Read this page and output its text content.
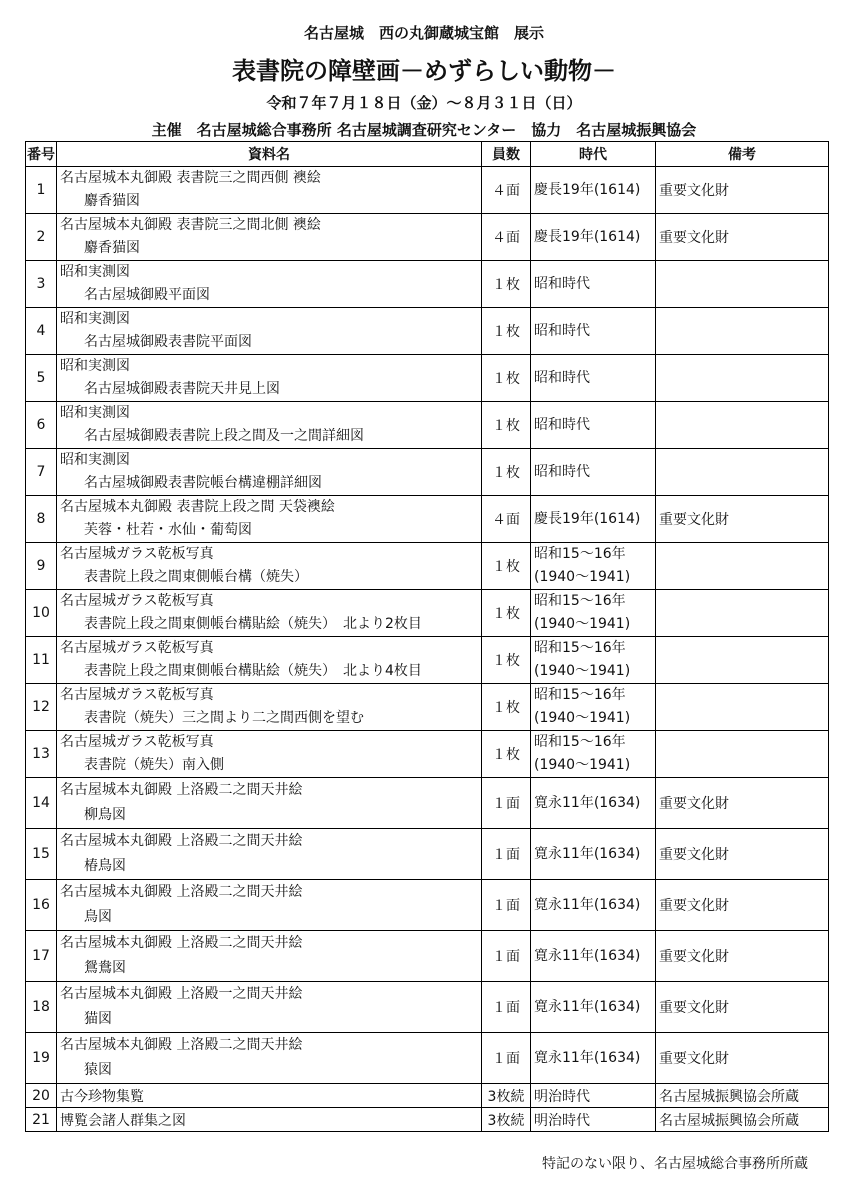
名古屋城　西の丸御蔵城宝館　展示
表書院の障壁画－めずらしい動物－
令和７年７月１８日（金）～８月３１日（日）
主催　名古屋城総合事務所 名古屋城調査研究センター　協力　名古屋城振興協会
番号	資料名	員数	時代	備考
1	名古屋城本丸御殿 表書院三之間西側 襖絵
麝香猫図	４面	慶長19年(1614)	重要文化財
2	名古屋城本丸御殿 表書院三之間北側 襖絵
麝香猫図	４面	慶長19年(1614)	重要文化財
3	昭和実測図
名古屋城御殿平面図	１枚	昭和時代	

4	昭和実測図
名古屋城御殿表書院平面図	１枚	昭和時代	

5	昭和実測図
名古屋城御殿表書院天井見上図	１枚	昭和時代	

6	昭和実測図
名古屋城御殿表書院上段之間及一之間詳細図	１枚	昭和時代	

7	昭和実測図
名古屋城御殿表書院帳台構違棚詳細図	１枚	昭和時代	

8	名古屋城本丸御殿 表書院上段之間 天袋襖絵
芙蓉・杜若・水仙・葡萄図	４面	慶長19年(1614)	重要文化財
9	名古屋城ガラス乾板写真
表書院上段之間東側帳台構（焼失）	１枚	昭和15～16年
(1940～1941)	

10	名古屋城ガラス乾板写真
表書院上段之間東側帳台構貼絵（焼失）　北より2枚目	１枚	昭和15～16年
(1940～1941)	

11	名古屋城ガラス乾板写真
表書院上段之間東側帳台構貼絵（焼失）　北より4枚目	１枚	昭和15～16年
(1940～1941)	

12	名古屋城ガラス乾板写真
表書院（焼失）三之間より二之間西側を望む	１枚	昭和15～16年
(1940～1941)	

13	名古屋城ガラス乾板写真
表書院（焼失）南入側	１枚	昭和15～16年
(1940～1941)	

14	名古屋城本丸御殿 上洛殿二之間天井絵
柳鳥図	１面	寛永11年(1634)	重要文化財
15	名古屋城本丸御殿 上洛殿二之間天井絵
椿鳥図	１面	寛永11年(1634)	重要文化財
16	名古屋城本丸御殿 上洛殿二之間天井絵
鳥図	１面	寛永11年(1634)	重要文化財
17	名古屋城本丸御殿 上洛殿二之間天井絵
鴛鴦図	１面	寛永11年(1634)	重要文化財
18	名古屋城本丸御殿 上洛殿一之間天井絵
猫図	１面	寛永11年(1634)	重要文化財
19	名古屋城本丸御殿 上洛殿二之間天井絵
猿図	１面	寛永11年(1634)	重要文化財
20	古今珍物集覧	3枚続	明治時代	名古屋城振興協会所蔵
21	博覧会諸人群集之図	3枚続	明治時代	名古屋城振興協会所蔵
特記のない限り、名古屋城総合事務所所蔵
